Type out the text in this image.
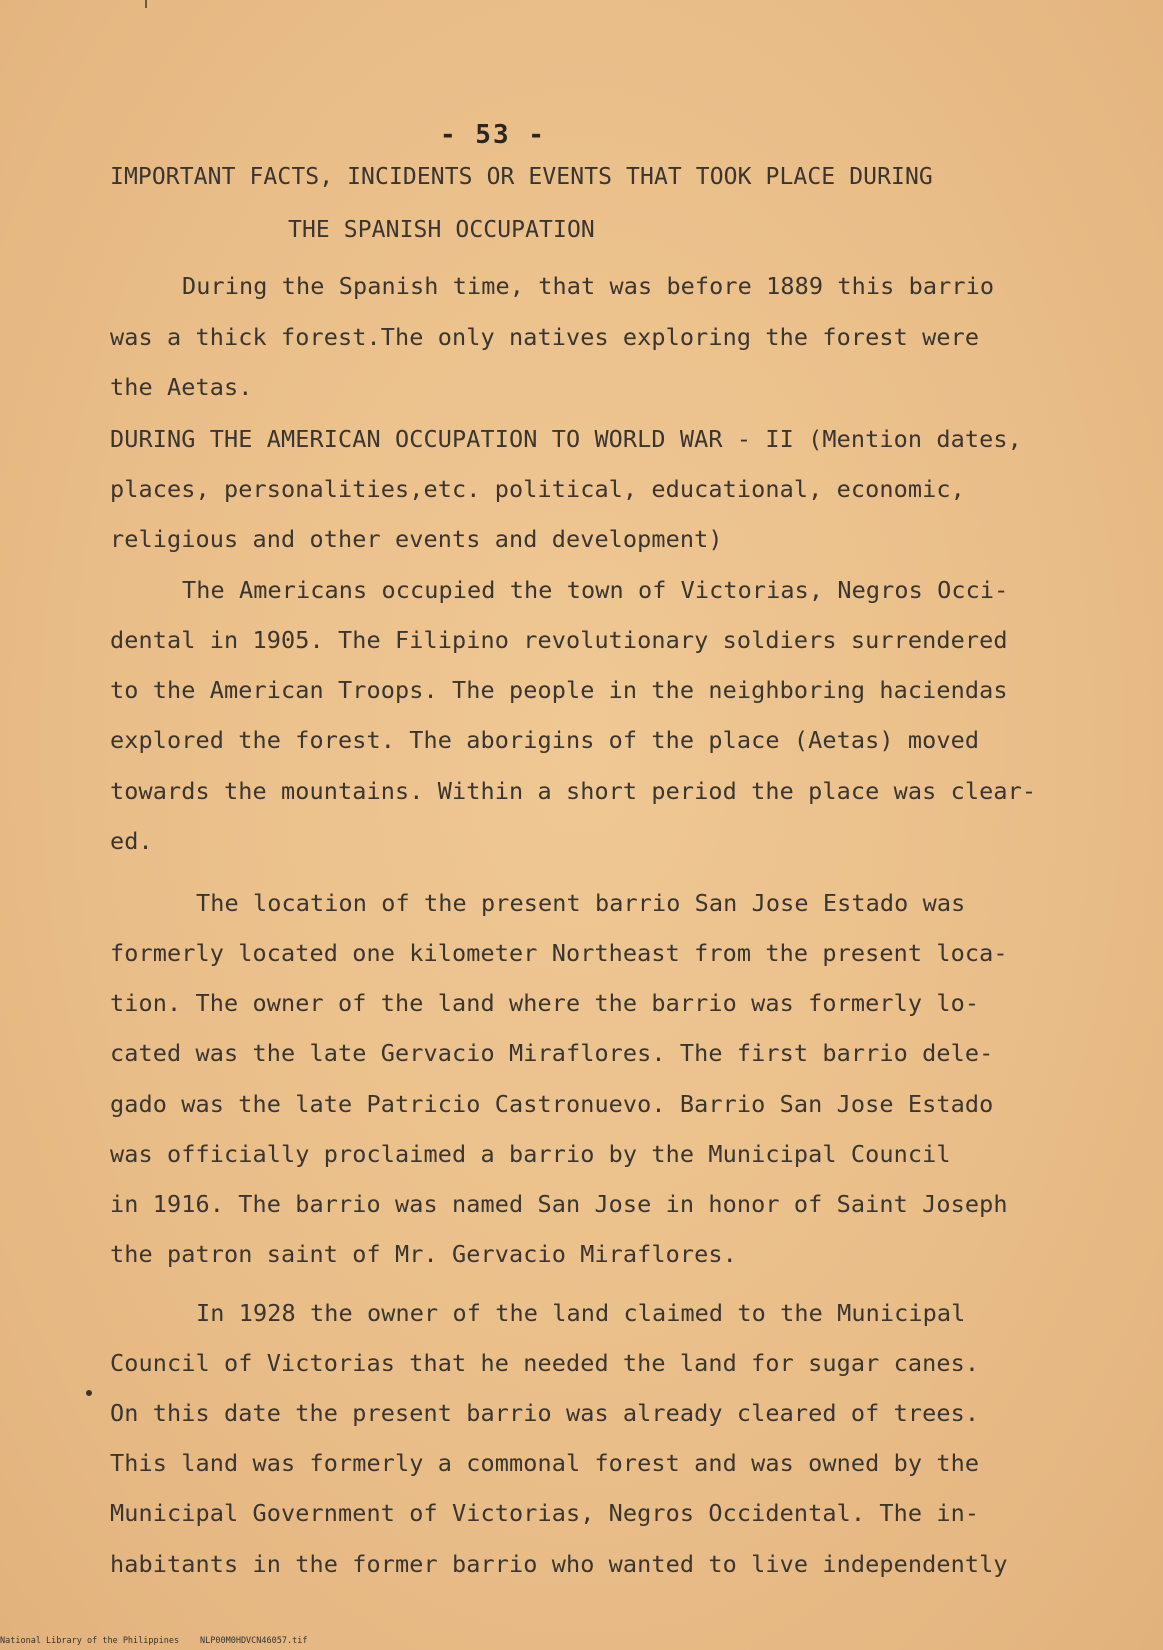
- 53 -
IMPORTANT FACTS, INCIDENTS OR EVENTS THAT TOOK PLACE DURING
THE SPANISH OCCUPATION
During the Spanish time, that was before 1889 this barrio
was a thick forest.The only natives exploring the forest were
the Aetas.
DURING THE AMERICAN OCCUPATION TO WORLD WAR - II (Mention dates,
places, personalities,etc. political, educational, economic,
religious and other events and development)
The Americans occupied the town of Victorias, Negros Occi-
dental in 1905. The Filipino revolutionary soldiers surrendered
to the American Troops. The people in the neighboring haciendas
explored the forest. The aborigins of the place (Aetas) moved
towards the mountains. Within a short period the place was clear-
ed.
The location of the present barrio San Jose Estado was
formerly located one kilometer Northeast from the present loca-
tion. The owner of the land where the barrio was formerly lo-
cated was the late Gervacio Miraflores. The first barrio dele-
gado was the late Patricio Castronuevo. Barrio San Jose Estado
was officially proclaimed a barrio by the Municipal Council
in 1916. The barrio was named San Jose in honor of Saint Joseph
the patron saint of Mr. Gervacio Miraflores.
In 1928 the owner of the land claimed to the Municipal
Council of Victorias that he needed the land for sugar canes.
On this date the present barrio was already cleared of trees.
This land was formerly a commonal forest and was owned by the
Municipal Government of Victorias, Negros Occidental. The in-
habitants in the former barrio who wanted to live independently
National Library of the Philippines NLP00M0HDVCN46057.tif
